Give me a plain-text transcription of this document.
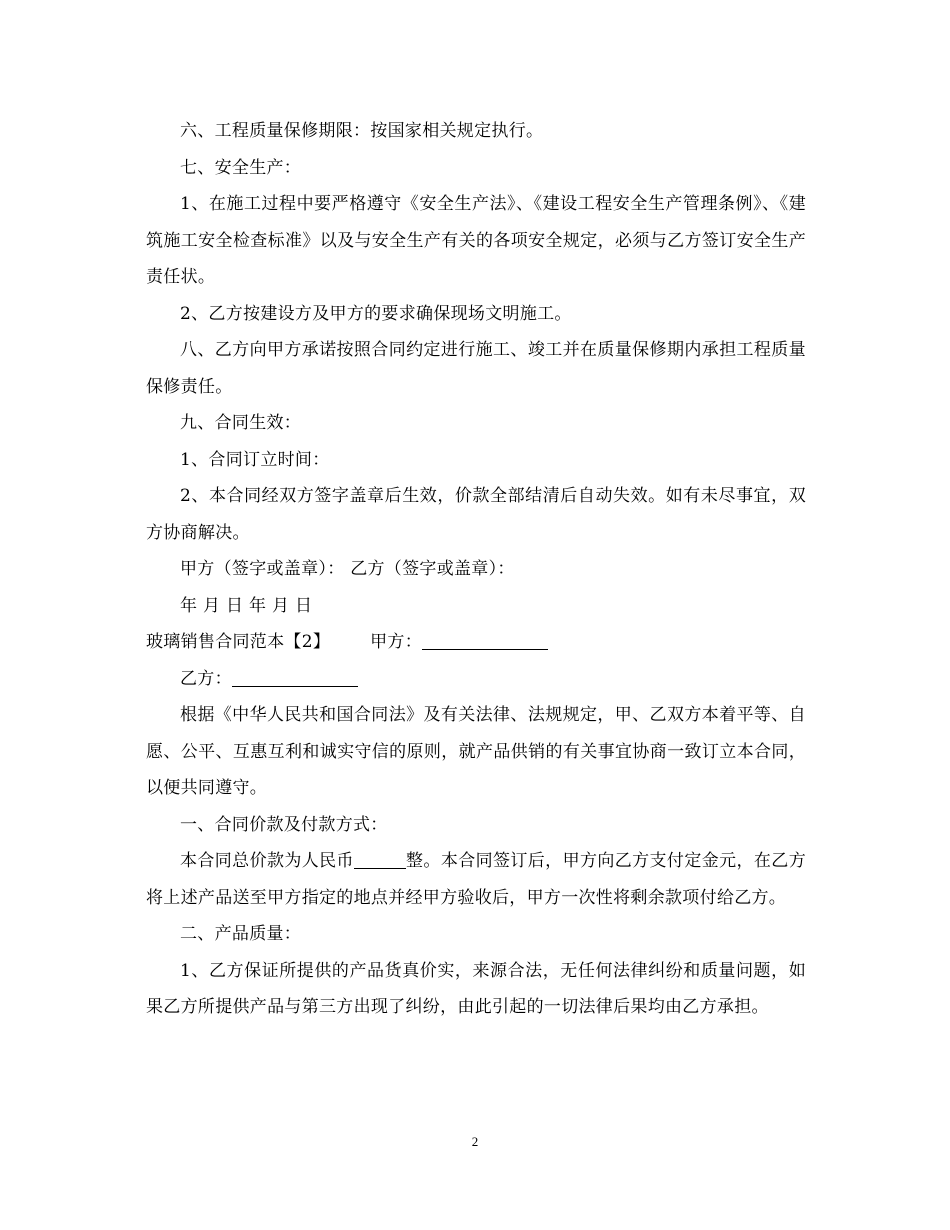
六、工程质量保修期限：按国家相关规定执行。

七、安全生产：

1、在施工过程中要严格遵守《安全生产法》、《建设工程安全生产管理条例》、《建筑施工安全检查标准》以及与安全生产有关的各项安全规定，必须与乙方签订安全生产责任状。

2、乙方按建设方及甲方的要求确保现场文明施工。

八、乙方向甲方承诺按照合同约定进行施工、竣工并在质量保修期内承担工程质量保修责任。

九、合同生效：

1、合同订立时间：

2、本合同经双方签字盖章后生效，价款全部结清后自动失效。如有未尽事宜，双方协商解决。

甲方（签字或盖章）： 乙方（签字或盖章）：

年 月 日 年 月 日

玻璃销售合同范本【2】 甲方：

乙方：

根据《中华人民共和国合同法》及有关法律、法规规定，甲、乙双方本着平等、自愿、公平、互惠互利和诚实守信的原则，就产品供销的有关事宜协商一致订立本合同，以便共同遵守。

一、合同价款及付款方式：

本合同总价款为人民币	整。本合同签订后，甲方向乙方支付定金元，在乙方将上述产品送至甲方指定的地点并经甲方验收后，甲方一次性将剩余款项付给乙方。

二、产品质量：

1、乙方保证所提供的产品货真价实，来源合法，无任何法律纠纷和质量问题，如果乙方所提供产品与第三方出现了纠纷，由此引起的一切法律后果均由乙方承担。

2
